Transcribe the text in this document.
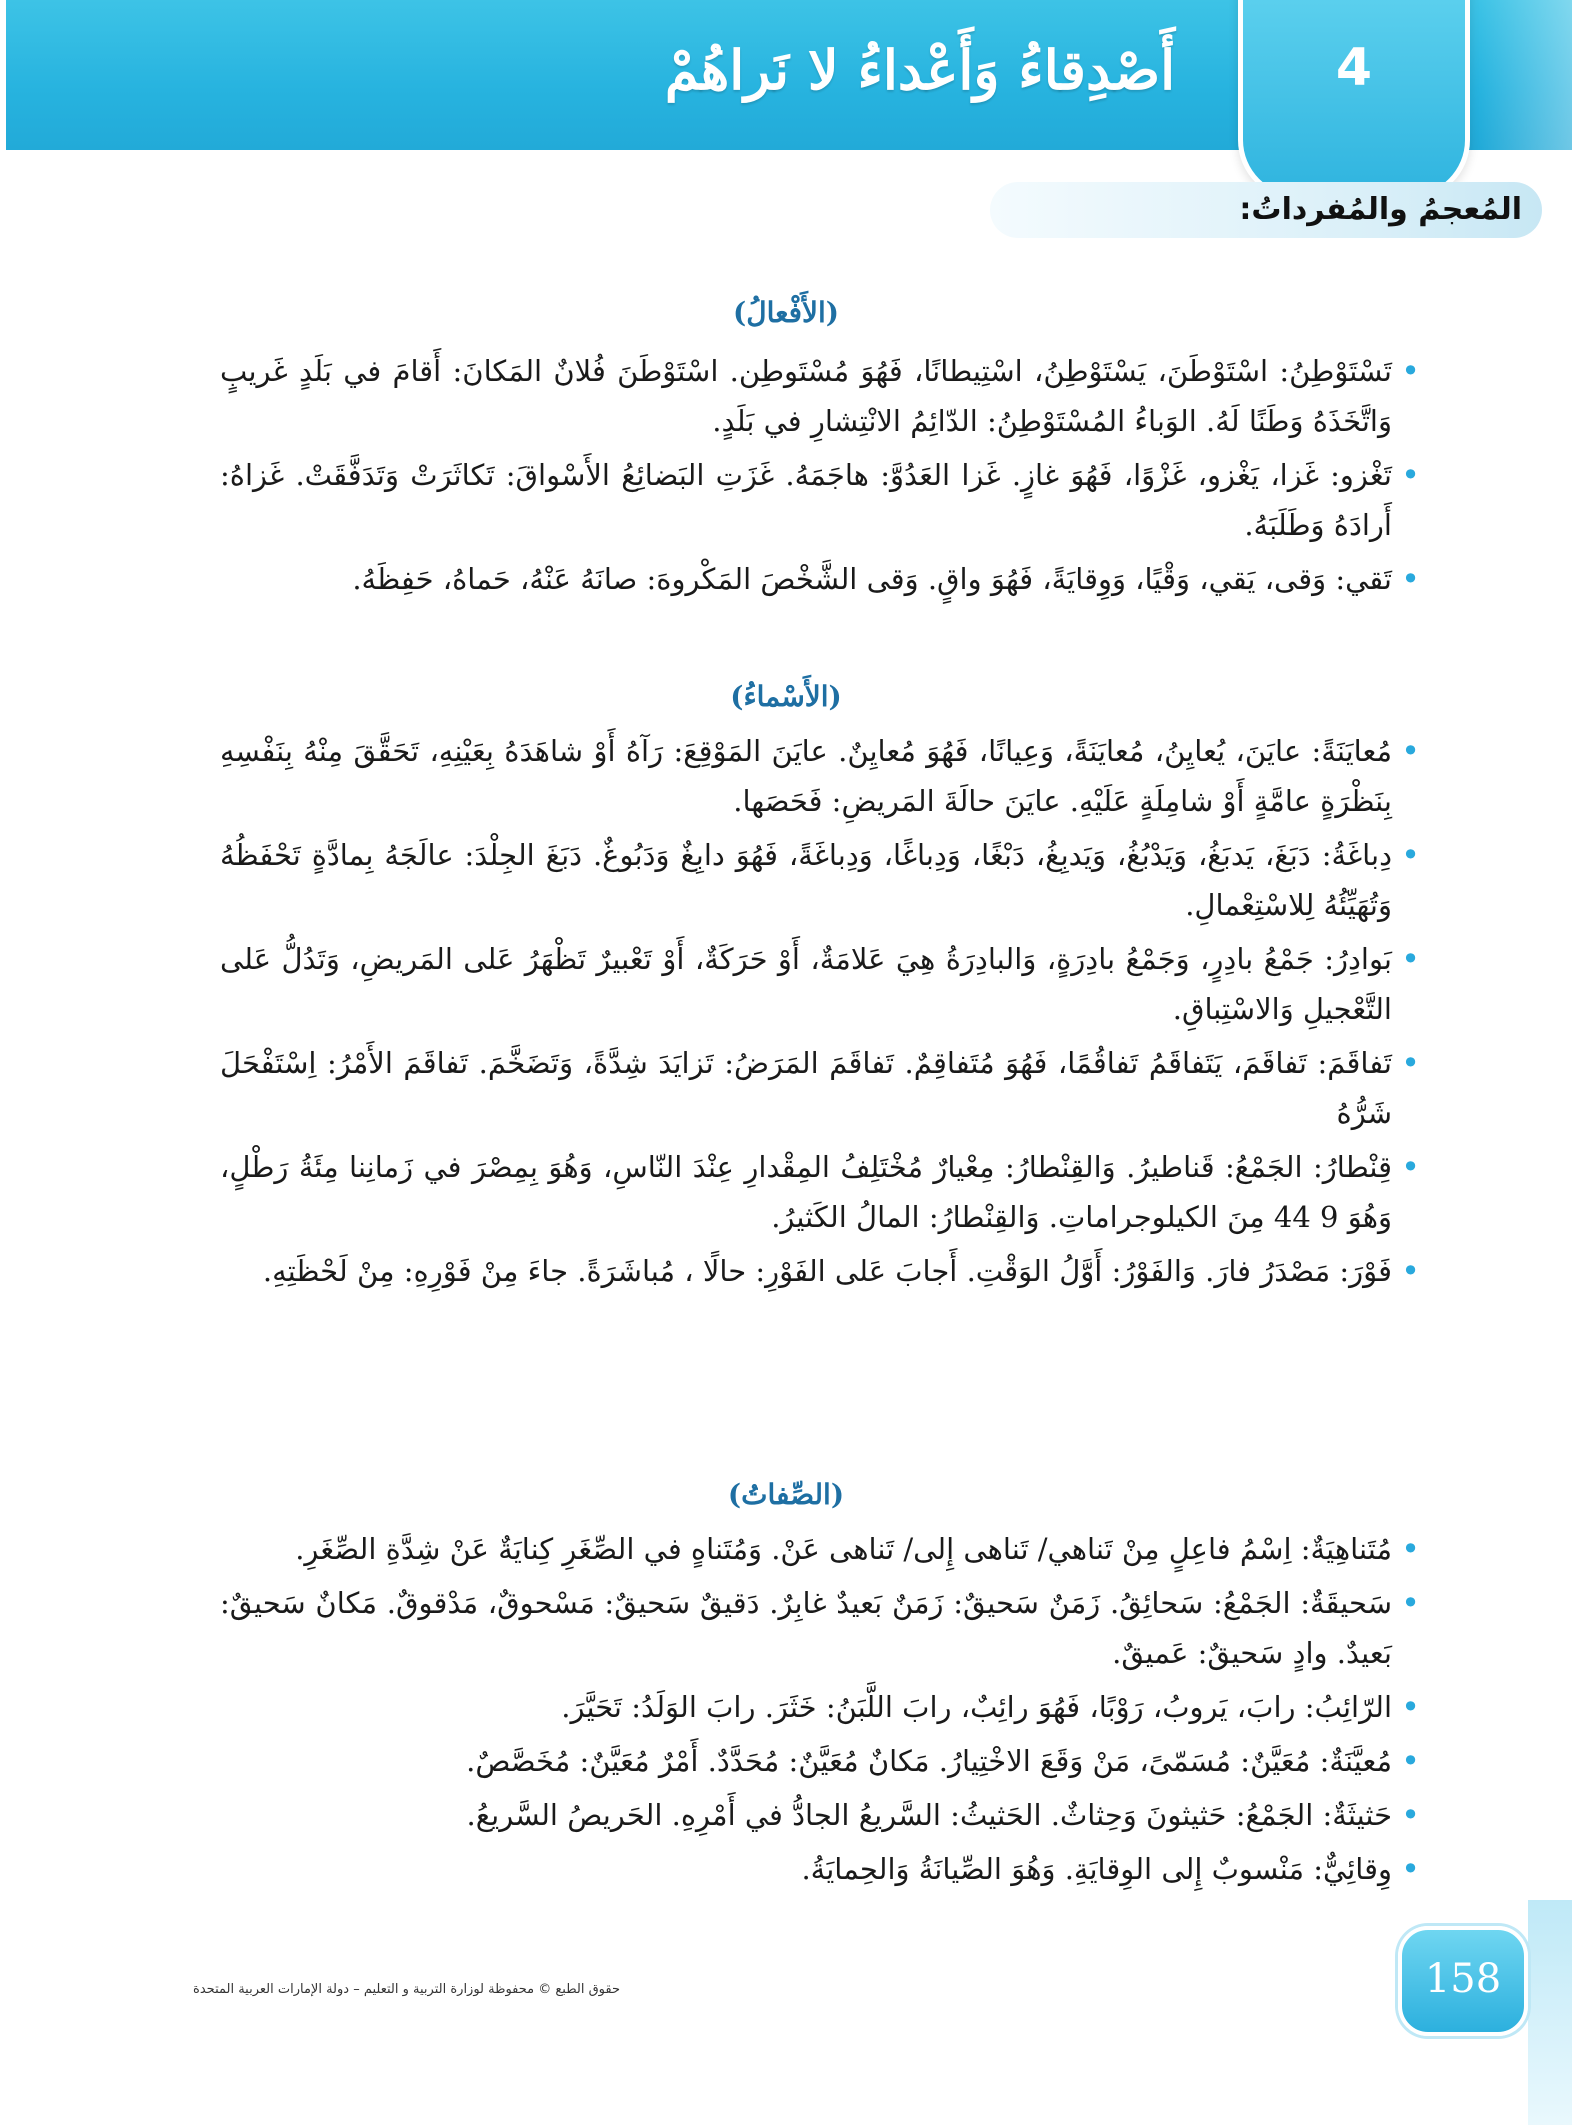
4
أَصْدِقاءُ وَأَعْداءُ لا نَراهُمْ
المُعجمُ والمُفرداتُ:
(الأَفْعالُ)
•
تَسْتَوْطِنُ: اسْتَوْطَنَ، يَسْتَوْطِنُ، اسْتِيطانًا، فَهُوَ مُسْتَوطِن. اسْتَوْطَنَ فُلانٌ المَكانَ: أَقامَ في بَلَدٍ غَريبٍ وَاتَّخَذَهُ وَطَنًا لَهُ. الوَباءُ المُسْتَوْطِنُ: الدّائِمُ الانْتِشارِ في بَلَدٍ.
•
تَغْزو: غَزا، يَغْزو، غَزْوًا، فَهُوَ غازٍ. غَزا العَدُوَّ: هاجَمَهُ. غَزَتِ البَضائِعُ الأَسْواقَ: تَكاثَرَتْ وَتَدَفَّقَتْ. غَزاهُ: أَرادَهُ وَطَلَبَهُ.
•
تَقي: وَقى، يَقي، وَقْيًا، وَوِقايَةً، فَهُوَ واقٍ. وَقى الشَّخْصَ المَكْروهَ: صانَهُ عَنْهُ، حَماهُ، حَفِظَهُ.
(الأَسْماءُ)
•
مُعايَنَةً: عايَنَ، يُعايِنُ، مُعايَنَةً، وَعِيانًا، فَهُوَ مُعايِنٌ. عايَنَ المَوْقِعَ: رَآهُ أَوْ شاهَدَهُ بِعَيْنِهِ، تَحَقَّقَ مِنْهُ بِنَفْسِهِ بِنَظْرَةٍ عامَّةٍ أَوْ شامِلَةٍ عَلَيْهِ. عايَنَ حالَةَ المَريضِ: فَحَصَها.
•
دِباغَةُ: دَبَغَ، يَدبَغُ، وَيَدْبُغُ، وَيَدبِغُ، دَبْغًا، وَدِباغًا، وَدِباغَةً، فَهُوَ دابِغٌ وَدَبُوغٌ. دَبَغَ الجِلْدَ: عالَجَهُ بِمادَّةٍ تَحْفَظُهُ وَتُهَيِّئُهُ لِلاسْتِعْمالِ.
•
بَوادِرُ: جَمْعُ بادِرٍ، وَجَمْعُ بادِرَةٍ، وَالبادِرَةُ هِيَ عَلامَةٌ، أَوْ حَرَكَةٌ، أَوْ تَعْبيرٌ تَظْهَرُ عَلى المَريضِ، وَتَدُلُّ عَلى التَّعْجيلِ وَالاسْتِباقِ.
•
تَفاقَمَ: تَفاقَمَ، يَتَفاقَمُ تَفاقُمًا، فَهُوَ مُتَفاقِمٌ. تَفاقَمَ المَرَضُ: تَزايَدَ شِدَّةً، وَتَضَخَّمَ. تَفاقَمَ الأَمْرُ: اِسْتَفْحَلَ شَرُّهُ
•
قِنْطارُ: الجَمْعُ: قَناطيرُ. وَالقِنْطارُ: مِعْيارٌ مُخْتَلِفُ المِقْدارِ عِنْدَ النّاسِ، وَهُوَ بِمِصْرَ في زَمانِنا مِئَةُ رَطْلٍ، وَهُوَ 9 44 مِنَ الكيلوجراماتِ. وَالقِنْطارُ: المالُ الكَثيرُ.
•
فَوْرَ: مَصْدَرُ فارَ. وَالفَوْرُ: أَوَّلُ الوَقْتِ. أَجابَ عَلى الفَوْرِ: حالًا ، مُباشَرَةً. جاءَ مِنْ فَوْرِهِ: مِنْ لَحْظَتِهِ.
(الصِّفاتُ)
•
مُتَناهِيَةٌ: اِسْمُ فاعِلٍ مِنْ تَناهي/ تَناهى إِلى/ تَناهى عَنْ. وَمُتَناهٍ في الصِّغَرِ كِنايَةٌ عَنْ شِدَّةِ الصِّغَرِ.
•
سَحيقَةٌ: الجَمْعُ: سَحائِقُ. زَمَنٌ سَحيقٌ: زَمَنٌ بَعيدٌ غابِرٌ. دَقيقٌ سَحيقٌ: مَسْحوقٌ، مَدْقوقٌ. مَكانٌ سَحيقٌ: بَعيدٌ. وادٍ سَحيقٌ: عَميقٌ.
•
الرّائِبُ: رابَ، يَروبُ، رَوْبًا، فَهُوَ رائِبٌ، رابَ اللَّبَنُ: خَثَرَ. رابَ الوَلَدُ: تَحَيَّرَ.
•
مُعيَّنَةٌ: مُعَيَّنٌ: مُسَمّىً، مَنْ وَقَعَ الاخْتِيارُ. مَكانٌ مُعَيَّنٌ: مُحَدَّدٌ. أَمْرٌ مُعَيَّنٌ: مُخَصَّصٌ.
•
حَثيثَةٌ: الجَمْعُ: حَثيثونَ وَحِثاثٌ. الحَثيثُ: السَّريعُ الجادُّ في أَمْرِهِ. الحَريصُ السَّريعُ.
•
وِقائِيٌّ: مَنْسوبٌ إِلى الوِقايَةِ. وَهُوَ الصِّيانَةُ وَالحِمايَةُ.
حقوق الطبع © محفوظة لوزارة التربية و التعليم – دولة الإمارات العربية المتحدة	158
